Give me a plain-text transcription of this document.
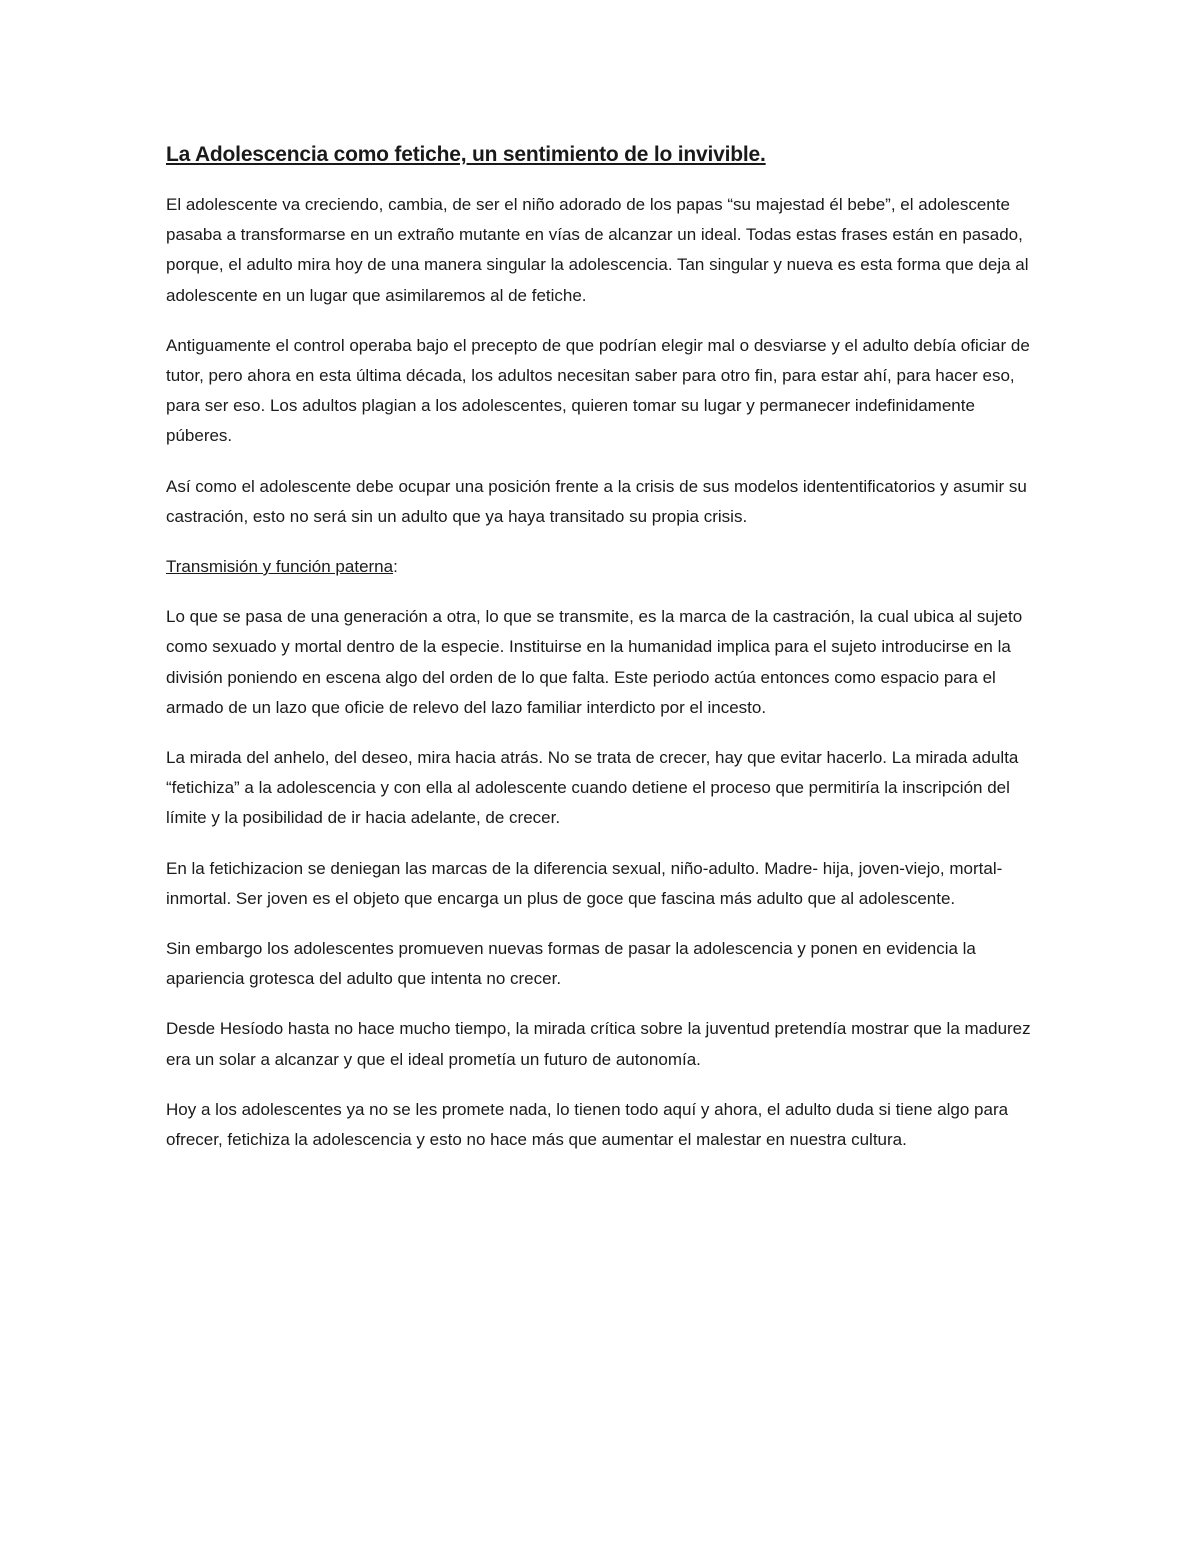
La Adolescencia como fetiche, un sentimiento de lo invivible.

El adolescente va creciendo, cambia, de ser el niño adorado de los papas “su majestad él bebe”, el adolescente pasaba a transformarse en un extraño mutante en vías de alcanzar un ideal. Todas estas frases están en pasado, porque, el adulto mira hoy de una manera singular la adolescencia. Tan singular y nueva es esta forma que deja al adolescente en un lugar que asimilaremos al de fetiche.

Antiguamente el control operaba bajo el precepto de que podrían elegir mal o desviarse y el adulto debía oficiar de tutor, pero ahora en esta última década, los adultos necesitan saber para otro fin, para estar ahí, para hacer eso, para ser eso. Los adultos plagian a los adolescentes, quieren tomar su lugar y permanecer indefinidamente púberes.

Así como el adolescente debe ocupar una posición frente a la crisis de sus modelos idententificatorios y asumir su castración, esto no será sin un adulto que ya haya transitado su propia crisis.

Transmisión y función paterna:

Lo que se pasa de una generación a otra, lo que se transmite, es la marca de la castración, la cual ubica al sujeto como sexuado y mortal dentro de la especie. Instituirse en la humanidad implica para el sujeto introducirse en la división poniendo en escena algo del orden de lo que falta. Este periodo actúa entonces como espacio para el armado de un lazo que oficie de relevo del lazo familiar interdicto por el incesto.

La mirada del anhelo, del deseo, mira hacia atrás. No se trata de crecer, hay que evitar hacerlo. La mirada adulta “fetichiza” a la adolescencia y con ella al adolescente cuando detiene el proceso que permitiría la inscripción del límite y la posibilidad de ir hacia adelante, de crecer.

En la fetichizacion se deniegan las marcas de la diferencia sexual, niño-adulto. Madre- hija, joven-viejo, mortal-inmortal. Ser joven es el objeto que encarga un plus de goce que fascina más adulto que al adolescente.

Sin embargo los adolescentes promueven nuevas formas de pasar la adolescencia y ponen en evidencia la apariencia grotesca del adulto que intenta no crecer.

Desde Hesíodo hasta no hace mucho tiempo, la mirada crítica sobre la juventud pretendía mostrar que la madurez era un solar a alcanzar y que el ideal prometía un futuro de autonomía.

Hoy a los adolescentes ya no se les promete nada, lo tienen todo aquí y ahora, el adulto duda si tiene algo para ofrecer, fetichiza la adolescencia y esto no hace más que aumentar el malestar en nuestra cultura.
